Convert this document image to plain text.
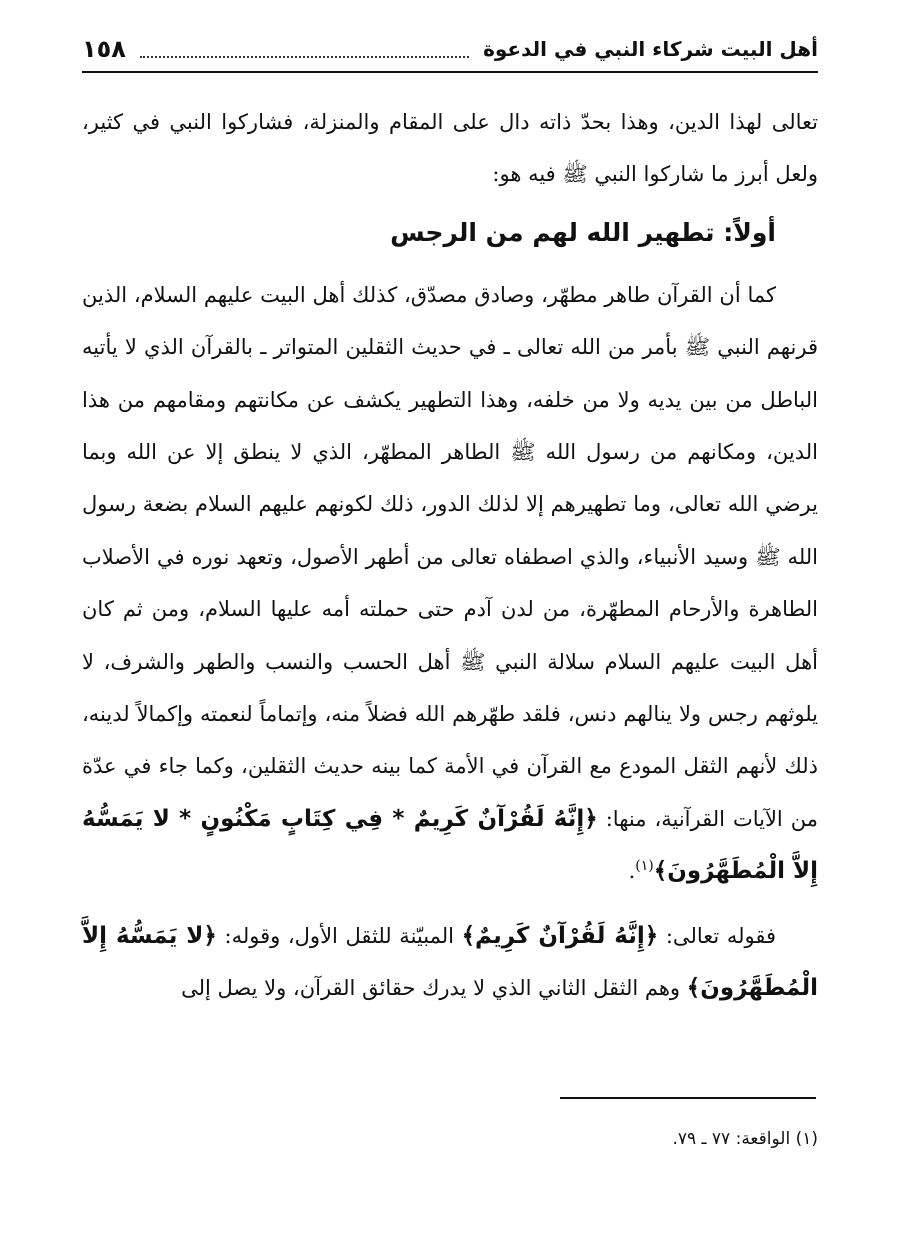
أهل البيت شركاء النبي في الدعوة
١٥٨

تعالى لهذا الدين، وهذا بحدّ ذاته دال على المقام والمنزلة، فشاركوا النبي في كثير، ولعل أبرز ما شاركوا النبي ﷺ فيه هو:

أولاً: تطهير الله لهم من الرجس

كما أن القرآن طاهر مطهّر، وصادق مصدّق، كذلك أهل البيت عليهم السلام، الذين قرنهم النبي ﷺ بأمر من الله تعالى ـ في حديث الثقلين المتواتر ـ بالقرآن الذي لا يأتيه الباطل من بين يديه ولا من خلفه، وهذا التطهير يكشف عن مكانتهم ومقامهم من هذا الدين، ومكانهم من رسول الله ﷺ الطاهر المطهّر، الذي لا ينطق إلا عن الله وبما يرضي الله تعالى، وما تطهيرهم إلا لذلك الدور، ذلك لكونهم عليهم السلام بضعة رسول الله ﷺ وسيد الأنبياء، والذي اصطفاه تعالى من أطهر الأصول، وتعهد نوره في الأصلاب الطاهرة والأرحام المطهّرة، من لدن آدم حتى حملته أمه عليها السلام، ومن ثم كان أهل البيت عليهم السلام سلالة النبي ﷺ أهل الحسب والنسب والطهر والشرف، لا يلوثهم رجس ولا ينالهم دنس، فلقد طهّرهم الله فضلاً منه، وإتماماً لنعمته وإكمالاً لدينه، ذلك لأنهم الثقل المودع مع القرآن في الأمة كما بينه حديث الثقلين، وكما جاء في عدّة من الآيات القرآنية، منها: ﴿إِنَّهُ لَقُرْآنٌ كَرِيمٌ * فِي كِتَابٍ مَكْنُونٍ * لا يَمَسُّهُ إِلاَّ الْمُطَهَّرُونَ﴾$^{(١)}$.

فقوله تعالى: ﴿إِنَّهُ لَقُرْآنٌ كَرِيمٌ﴾ المبيّنة للثقل الأول، وقوله: ﴿لا يَمَسُّهُ إِلاَّ الْمُطَهَّرُونَ﴾ وهم الثقل الثاني الذي لا يدرك حقائق القرآن، ولا يصل إلى

(١) الواقعة: ٧٧ ـ ٧٩.
